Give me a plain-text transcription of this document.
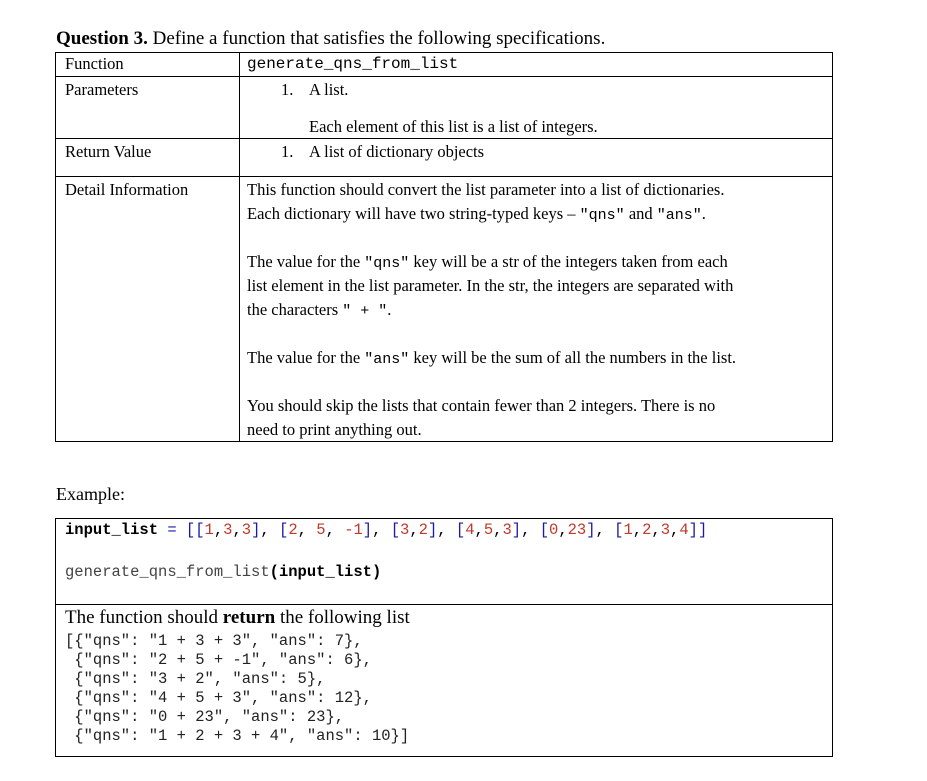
Question 3. Define a function that satisfies the following specifications.
Function	generate_qns_from_list
Parameters	1. A list.
Each element of this list is a list of integers.
Return Value	1. A list of dictionary objects
Detail Information	This function should convert the list parameter into a list of dictionaries.
Each dictionary will have two string-typed keys – "qns" and "ans".
The value for the "qns" key will be a str of the integers taken from each
list element in the list parameter. In the str, the integers are separated with
the characters " + ".
The value for the "ans" key will be the sum of all the numbers in the list.
You should skip the lists that contain fewer than 2 integers. There is no
need to print anything out.
Example:
input_list = [[1,3,3], [2, 5, -1], [3,2], [4,5,3], [0,23], [1,2,3,4]]
generate_qns_from_list(input_list)
The function should return the following list
[{"qns": "1 + 3 + 3", "ans": 7},
{"qns": "2 + 5 + -1", "ans": 6},
{"qns": "3 + 2", "ans": 5},
{"qns": "4 + 5 + 3", "ans": 12},
{"qns": "0 + 23", "ans": 23},
{"qns": "1 + 2 + 3 + 4", "ans": 10}]
